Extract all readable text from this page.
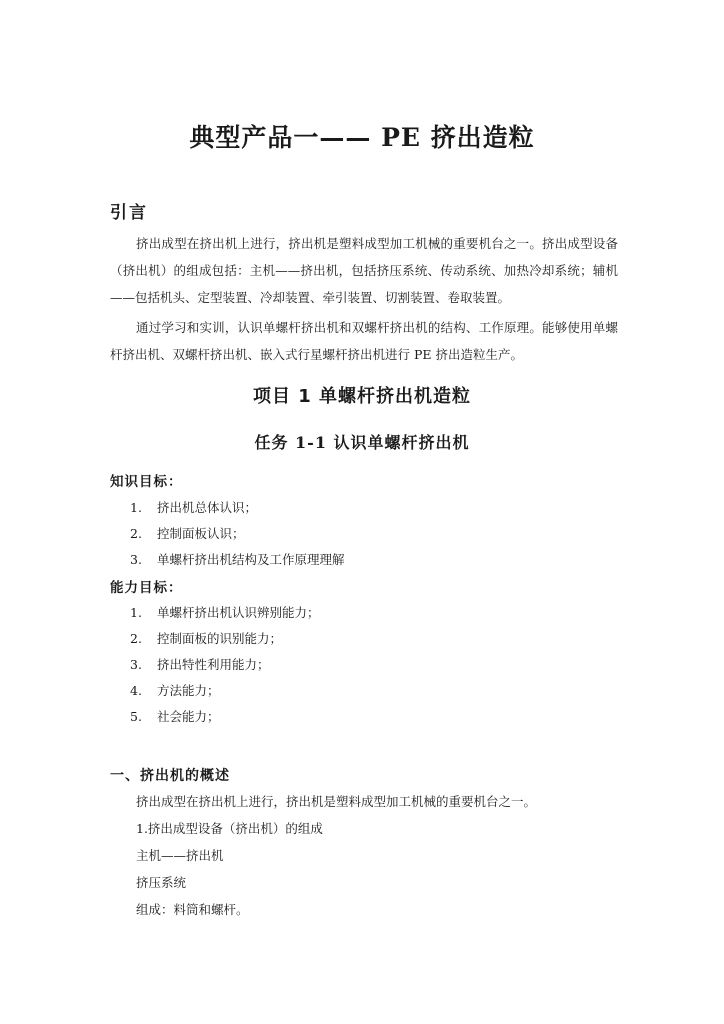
典型产品一—— PE 挤出造粒
引言

挤出成型在挤出机上进行，挤出机是塑料成型加工机械的重要机台之一。挤出成型设备（挤出机）的组成包括：主机——挤出机，包括挤压系统、传动系统、加热冷却系统；辅机——包括机头、定型装置、冷却装置、牵引装置、切割装置、卷取装置。

通过学习和实训，认识单螺杆挤出机和双螺杆挤出机的结构、工作原理。能够使用单螺杆挤出机、双螺杆挤出机、嵌入式行星螺杆挤出机进行 PE 挤出造粒生产。

项目 1 单螺杆挤出机造粒
任务 1-1 认识单螺杆挤出机
知识目标：
1. 挤出机总体认识；
2. 控制面板认识；
3. 单螺杆挤出机结构及工作原理理解
能力目标：
1. 单螺杆挤出机认识辨别能力；
2. 控制面板的识别能力；
3. 挤出特性利用能力；
4. 方法能力；
5. 社会能力；
一、挤出机的概述
挤出成型在挤出机上进行，挤出机是塑料成型加工机械的重要机台之一。
1.挤出成型设备（挤出机）的组成
主机——挤出机
挤压系统
组成：料筒和螺杆。
